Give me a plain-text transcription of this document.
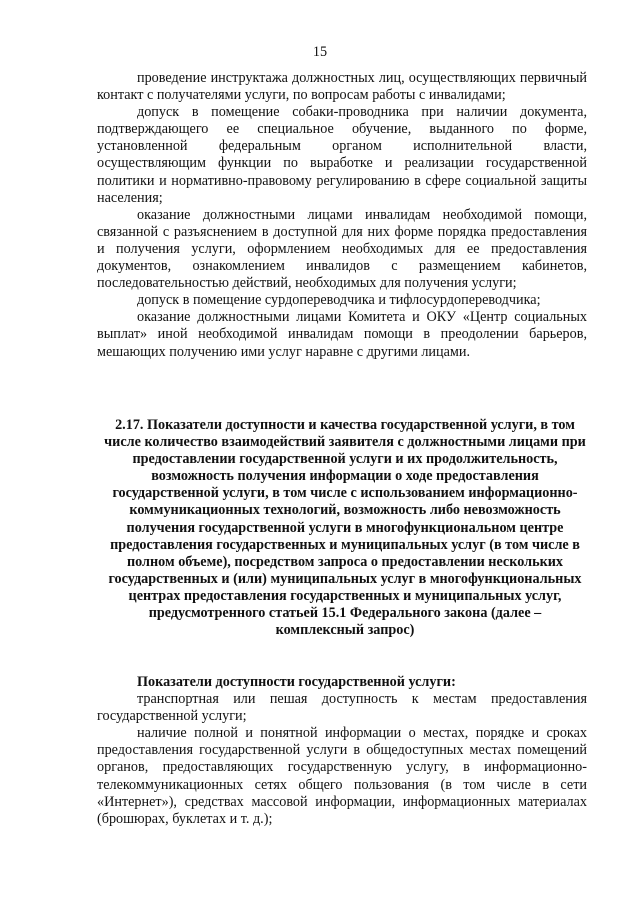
15

проведение инструктажа должностных лиц, осуществляющих первичный контакт с получателями услуги, по вопросам работы с инвалидами;

допуск в помещение собаки-проводника при наличии документа, подтверждающего ее специальное обучение, выданного по форме, установленной федеральным органом исполнительной власти, осуществляющим функции по выработке и реализации государственной политики и нормативно-правовому регулированию в сфере социальной защиты населения;

оказание должностными лицами инвалидам необходимой помощи, связанной с разъяснением в доступной для них форме порядка предоставления и получения услуги, оформлением необходимых для ее предоставления документов, ознакомлением инвалидов с размещением кабинетов, последовательностью действий, необходимых для получения услуги;

допуск в помещение сурдопереводчика и тифлосурдопереводчика;

оказание должностными лицами Комитета и ОКУ «Центр социальных выплат» иной необходимой инвалидам помощи в преодолении барьеров, мешающих получению ими услуг наравне с другими лицами.

2.17. Показатели доступности и качества государственной услуги, в том числе количество взаимодействий заявителя с должностными лицами при предоставлении государственной услуги и их продолжительность, возможность получения информации о ходе предоставления государственной услуги, в том числе с использованием информационно-коммуникационных технологий, возможность либо невозможность получения государственной услуги в многофункциональном центре предоставления государственных и муниципальных услуг (в том числе в полном объеме), посредством запроса о предоставлении нескольких государственных и (или) муниципальных услуг в многофункциональных центрах предоставления государственных и муниципальных услуг, предусмотренного статьей 15.1 Федерального закона (далее – комплексный запрос)

Показатели доступности государственной услуги:

транспортная или пешая доступность к местам предоставления государственной услуги;

наличие полной и понятной информации о местах, порядке и сроках предоставления государственной услуги в общедоступных местах помещений органов, предоставляющих государственную услугу, в информационно-телекоммуникационных сетях общего пользования (в том числе в сети «Интернет»), средствах массовой информации, информационных материалах (брошюрах, буклетах и т. д.);
